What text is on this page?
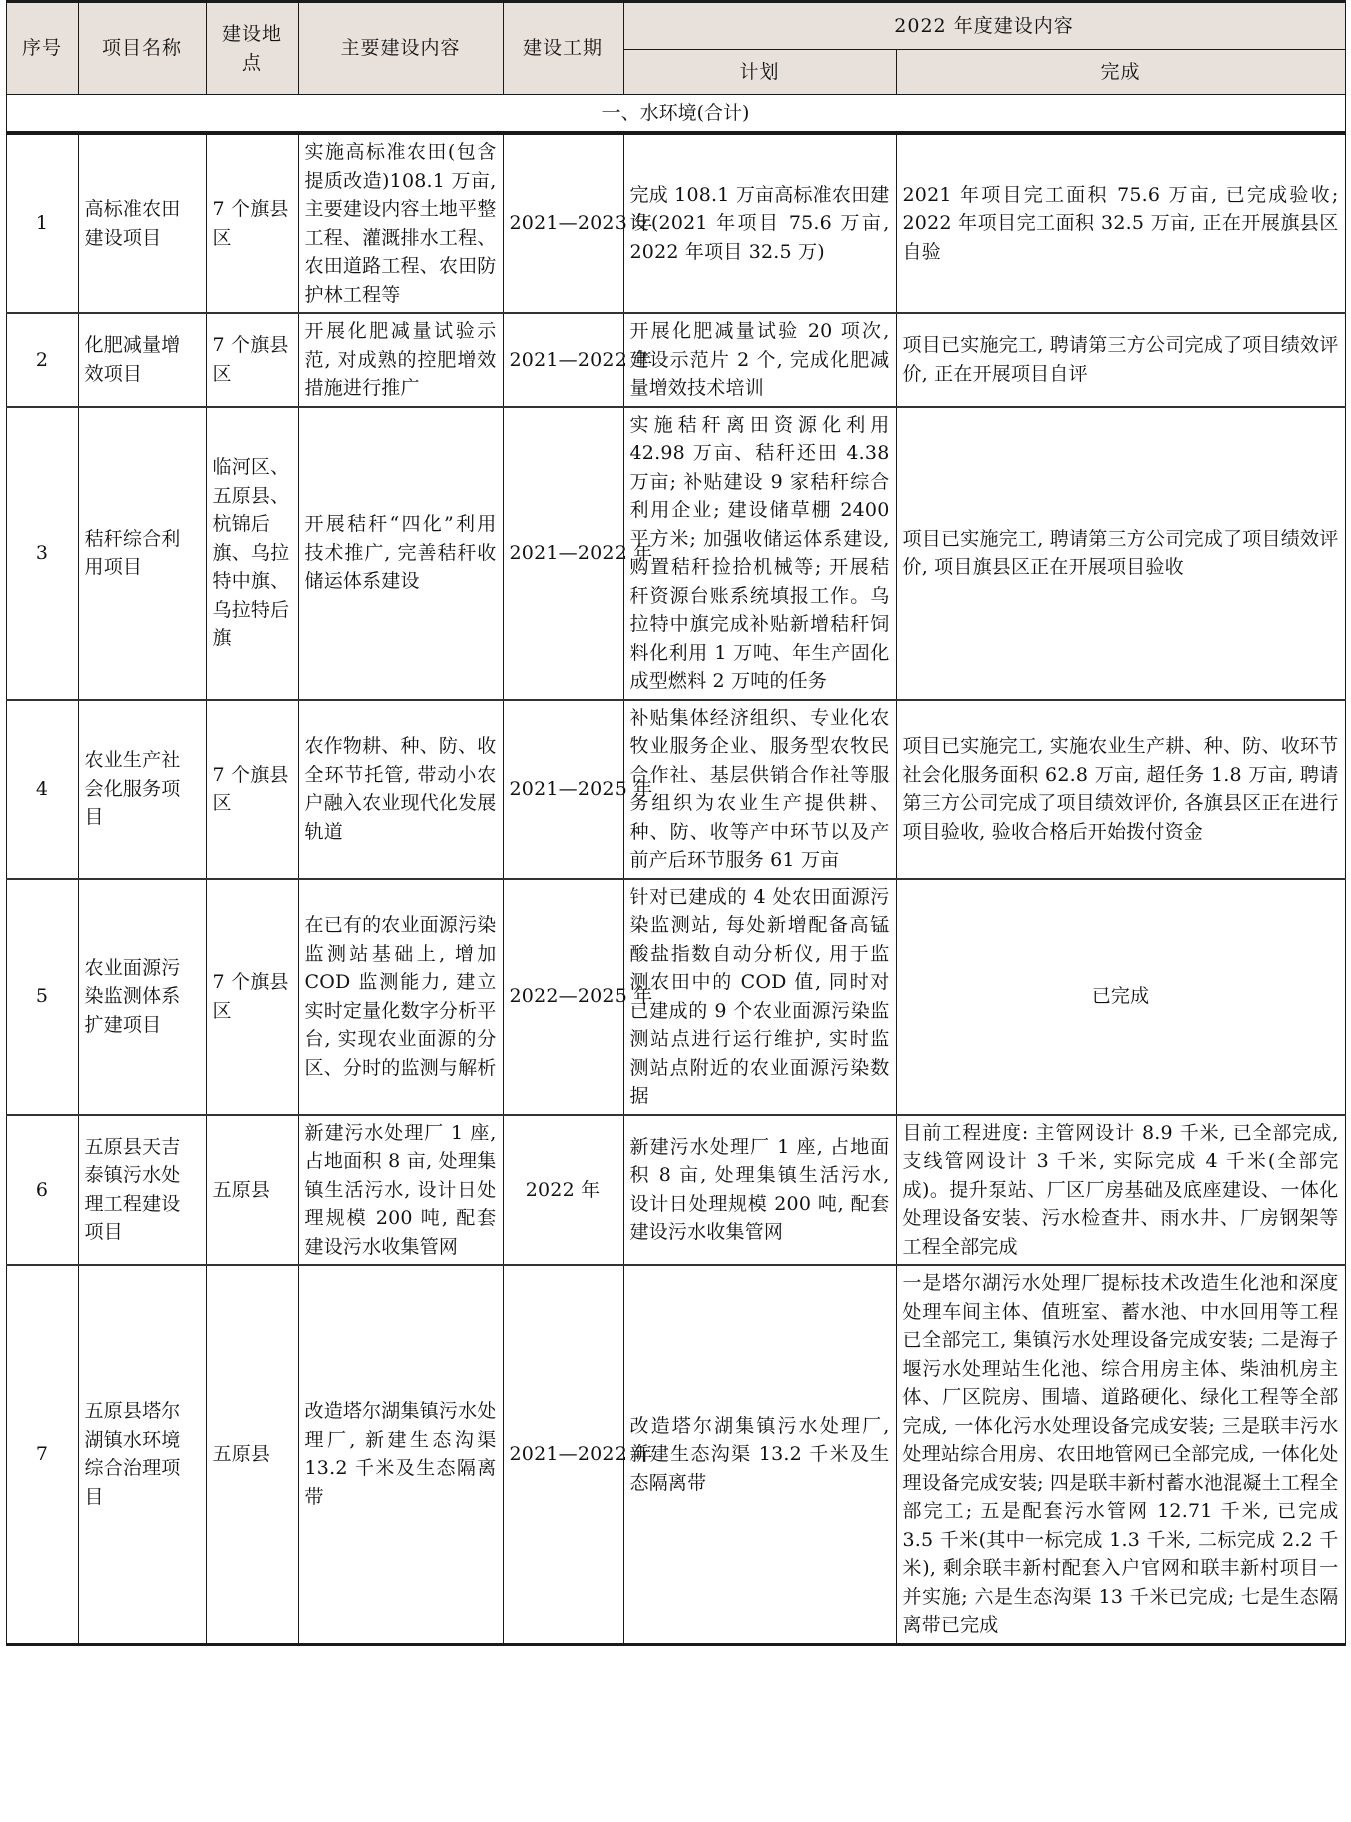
序号	项目名称	建设地点	主要建设内容	建设工期	2022 年度建设内容	
					计划	完成
一、水环境(合计)						
1	高标准农田建设项目	7 个旗县区	实施高标准农田(包含提质改造)108.1 万亩, 主要建设内容土地平整工程、灌溉排水工程、农田道路工程、农田防护林工程等	2021—2023 年	完成 108.1 万亩高标准农田建设(2021 年项目 75.6 万亩, 2022 年项目 32.5 万)	2021 年项目完工面积 75.6 万亩, 已完成验收; 2022 年项目完工面积 32.5 万亩, 正在开展旗县区自验
2	化肥减量增效项目	7 个旗县区	开展化肥减量试验示范, 对成熟的控肥增效措施进行推广	2021—2022 年	开展化肥减量试验 20 项次, 建设示范片 2 个, 完成化肥减量增效技术培训	项目已实施完工, 聘请第三方公司完成了项目绩效评价, 正在开展项目自评
3	秸秆综合利用项目	临河区、五原县、杭锦后旗、乌拉特中旗、乌拉特后旗	开展秸秆“四化”利用技术推广, 完善秸秆收储运体系建设	2021—2022 年	实施秸秆离田资源化利用 42.98 万亩、秸秆还田 4.38 万亩; 补贴建设 9 家秸秆综合利用企业; 建设储草棚 2400 平方米; 加强收储运体系建设, 购置秸秆捡拾机械等; 开展秸秆资源台账系统填报工作。乌拉特中旗完成补贴新增秸秆饲料化利用 1 万吨、年生产固化成型燃料 2 万吨的任务	项目已实施完工, 聘请第三方公司完成了项目绩效评价, 项目旗县区正在开展项目验收
4	农业生产社会化服务项目	7 个旗县区	农作物耕、种、防、收全环节托管, 带动小农户融入农业现代化发展轨道	2021—2025 年	补贴集体经济组织、专业化农牧业服务企业、服务型农牧民合作社、基层供销合作社等服务组织为农业生产提供耕、种、防、收等产中环节以及产前产后环节服务 61 万亩	项目已实施完工, 实施农业生产耕、种、防、收环节社会化服务面积 62.8 万亩, 超任务 1.8 万亩, 聘请第三方公司完成了项目绩效评价, 各旗县区正在进行项目验收, 验收合格后开始拨付资金
5	农业面源污染监测体系扩建项目	7 个旗县区	在已有的农业面源污染监测站基础上, 增加 COD 监测能力, 建立实时定量化数字分析平台, 实现农业面源的分区、分时的监测与解析	2022—2025 年	针对已建成的 4 处农田面源污染监测站, 每处新增配备高锰酸盐指数自动分析仪, 用于监测农田中的 COD 值, 同时对已建成的 9 个农业面源污染监测站点进行运行维护, 实时监测站点附近的农业面源污染数据	已完成
6	五原县天吉泰镇污水处理工程建设项目	五原县	新建污水处理厂 1 座, 占地面积 8 亩, 处理集镇生活污水, 设计日处理规模 200 吨, 配套建设污水收集管网	2022 年	新建污水处理厂 1 座, 占地面积 8 亩, 处理集镇生活污水, 设计日处理规模 200 吨, 配套建设污水收集管网	目前工程进度: 主管网设计 8.9 千米, 已全部完成, 支线管网设计 3 千米, 实际完成 4 千米(全部完成)。提升泵站、厂区厂房基础及底座建设、一体化处理设备安装、污水检查井、雨水井、厂房钢架等工程全部完成
7	五原县塔尔湖镇水环境综合治理项目	五原县	改造塔尔湖集镇污水处理厂, 新建生态沟渠 13.2 千米及生态隔离带	2021—2022 年	改造塔尔湖集镇污水处理厂, 新建生态沟渠 13.2 千米及生态隔离带	一是塔尔湖污水处理厂提标技术改造生化池和深度处理车间主体、值班室、蓄水池、中水回用等工程已全部完工, 集镇污水处理设备完成安装; 二是海子堰污水处理站生化池、综合用房主体、柴油机房主体、厂区院房、围墙、道路硬化、绿化工程等全部完成, 一体化污水处理设备完成安装; 三是联丰污水处理站综合用房、农田地管网已全部完成, 一体化处理设备完成安装; 四是联丰新村蓄水池混凝土工程全部完工; 五是配套污水管网 12.71 千米, 已完成 3.5 千米(其中一标完成 1.3 千米, 二标完成 2.2 千米), 剩余联丰新村配套入户官网和联丰新村项目一并实施; 六是生态沟渠 13 千米已完成; 七是生态隔离带已完成
